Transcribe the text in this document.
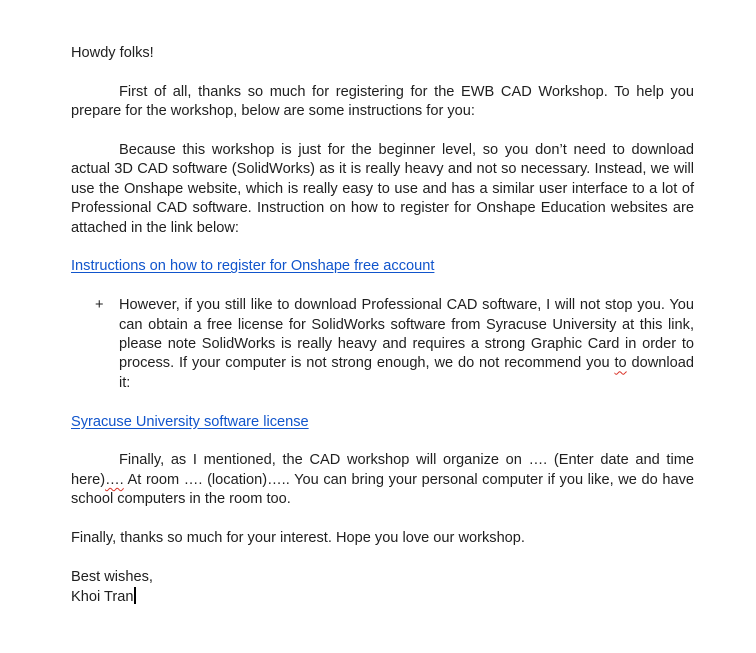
Howdy folks!

First of all, thanks so much for registering for the EWB CAD Workshop. To help you prepare for the workshop, below are some instructions for you:

Because this workshop is just for the beginner level, so you don’t need to download actual 3D CAD software (SolidWorks) as it is really heavy and not so necessary. Instead, we will use the Onshape website, which is really easy to use and has a similar user interface to a lot of Professional CAD software. Instruction on how to register for Onshape Education websites are attached in the link below:

Instructions on how to register for Onshape free account

+ However, if you still like to download Professional CAD software, I will not stop you. You can obtain a free license for SolidWorks software from Syracuse University at this link, please note SolidWorks is really heavy and requires a strong Graphic Card in order to process. If your computer is not strong enough, we do not recommend you to download it:

Syracuse University software license

Finally, as I mentioned, the CAD workshop will organize on …. (Enter date and time here)…. At room …. (location)….. You can bring your personal computer if you like, we do have school computers in the room too.

Finally, thanks so much for your interest. Hope you love our workshop.

Best wishes,

Khoi Tran
